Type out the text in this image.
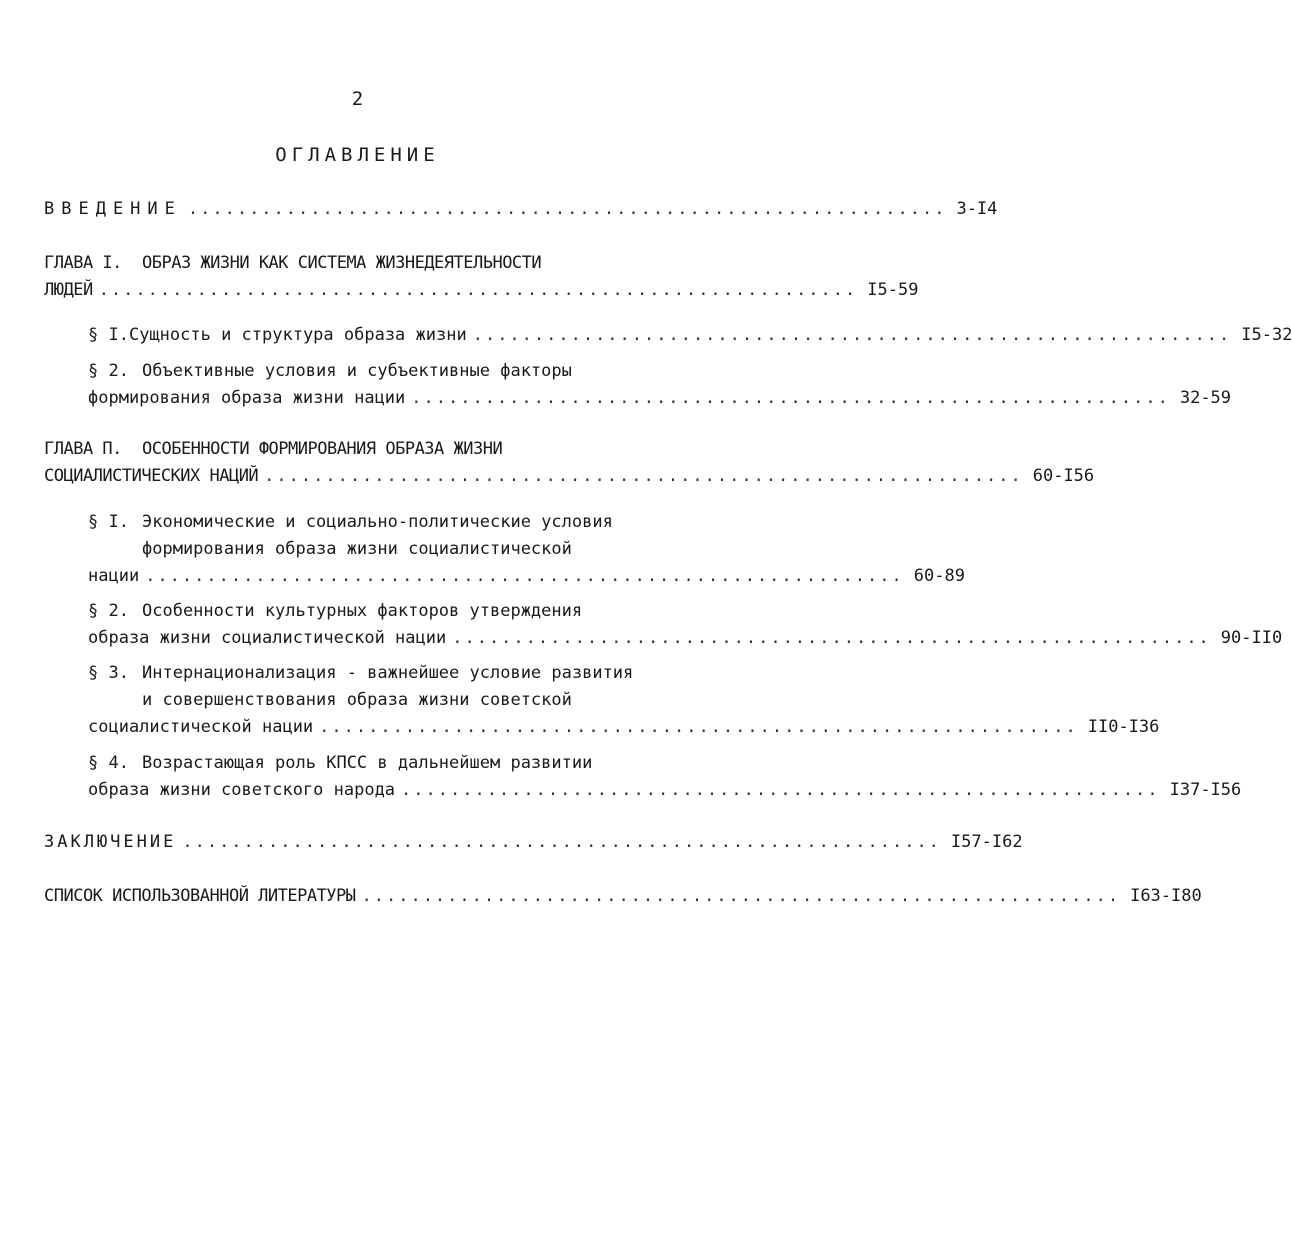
2
ОГЛАВЛЕНИЕ
ВВЕДЕНИЕ .............................................................. 3-I4
ГЛАВА I.	ОБРАЗ ЖИЗНИ КАК СИСТЕМА ЖИЗНЕДЕЯТЕЛЬНОСТИ
ЛЮДЕЙ .............................................................. I5-59
§ I. Сущность и структура образа жизни .............................................................. I5-32
§ 2. Объективные условия и субъективные факторы
формирования образа жизни нации .............................................................. 32-59
ГЛАВА П.	ОСОБЕННОСТИ ФОРМИРОВАНИЯ ОБРАЗА ЖИЗНИ
СОЦИАЛИСТИЧЕСКИХ НАЦИЙ .............................................................. 60-I56
§ I. Экономические и социально-политические условия
формирования образа жизни социалистической
нации .............................................................. 60-89
§ 2. Особенности культурных факторов утверждения
образа жизни социалистической нации .............................................................. 90-II0
§ 3. Интернационализация - важнейшее условие развития
и совершенствования образа жизни советской
социалистической нации .............................................................. II0-I36
§ 4. Возрастающая роль КПСС в дальнейшем развитии
образа жизни советского народа .............................................................. I37-I56
ЗАКЛЮЧЕНИЕ .............................................................. I57-I62
СПИСОК ИСПОЛЬЗОВАННОЙ ЛИТЕРАТУРЫ .............................................................. I63-I80
